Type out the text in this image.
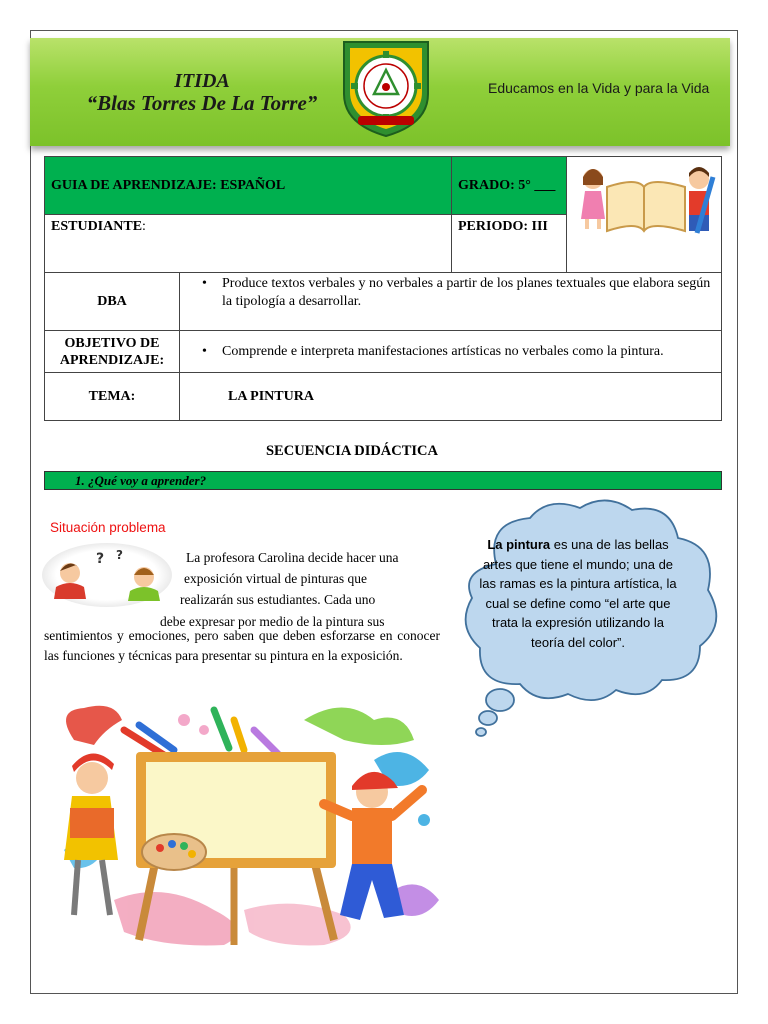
ITIDA
“Blas Torres De La Torre”
Educamos en la Vida y para la Vida
GUIA DE APRENDIZAJE: ESPAÑOL		GRADO: 5° ___	
ESTUDIANTE:		PERIODO: III	
DBA	• Produce textos verbales y no verbales a partir de los planes textuales que elabora según la tipología a desarrollar.

OBJETIVO DE
APRENDIZAJE:	• Comprende e interpreta manifestaciones artísticas no verbales como la pintura.

TEMA:	LA PINTURA		
SECUENCIA DIDÁCTICA
1. ¿Qué voy a aprender?
Situación problema
? ?	La profesora Carolina decide hacer una
exposición virtual de pinturas que
realizarán sus estudiantes. Cada uno
debe expresar por medio de la pintura sus
sentimientos y emociones, pero saben que deben esforzarse en conocer las funciones y técnicas para presentar su pintura en la exposición.
La pintura es una de las bellas artes que tiene el mundo; una de las ramas es la pintura artística, la cual se define como “el arte que trata la expresión utilizando la teoría del color”.
